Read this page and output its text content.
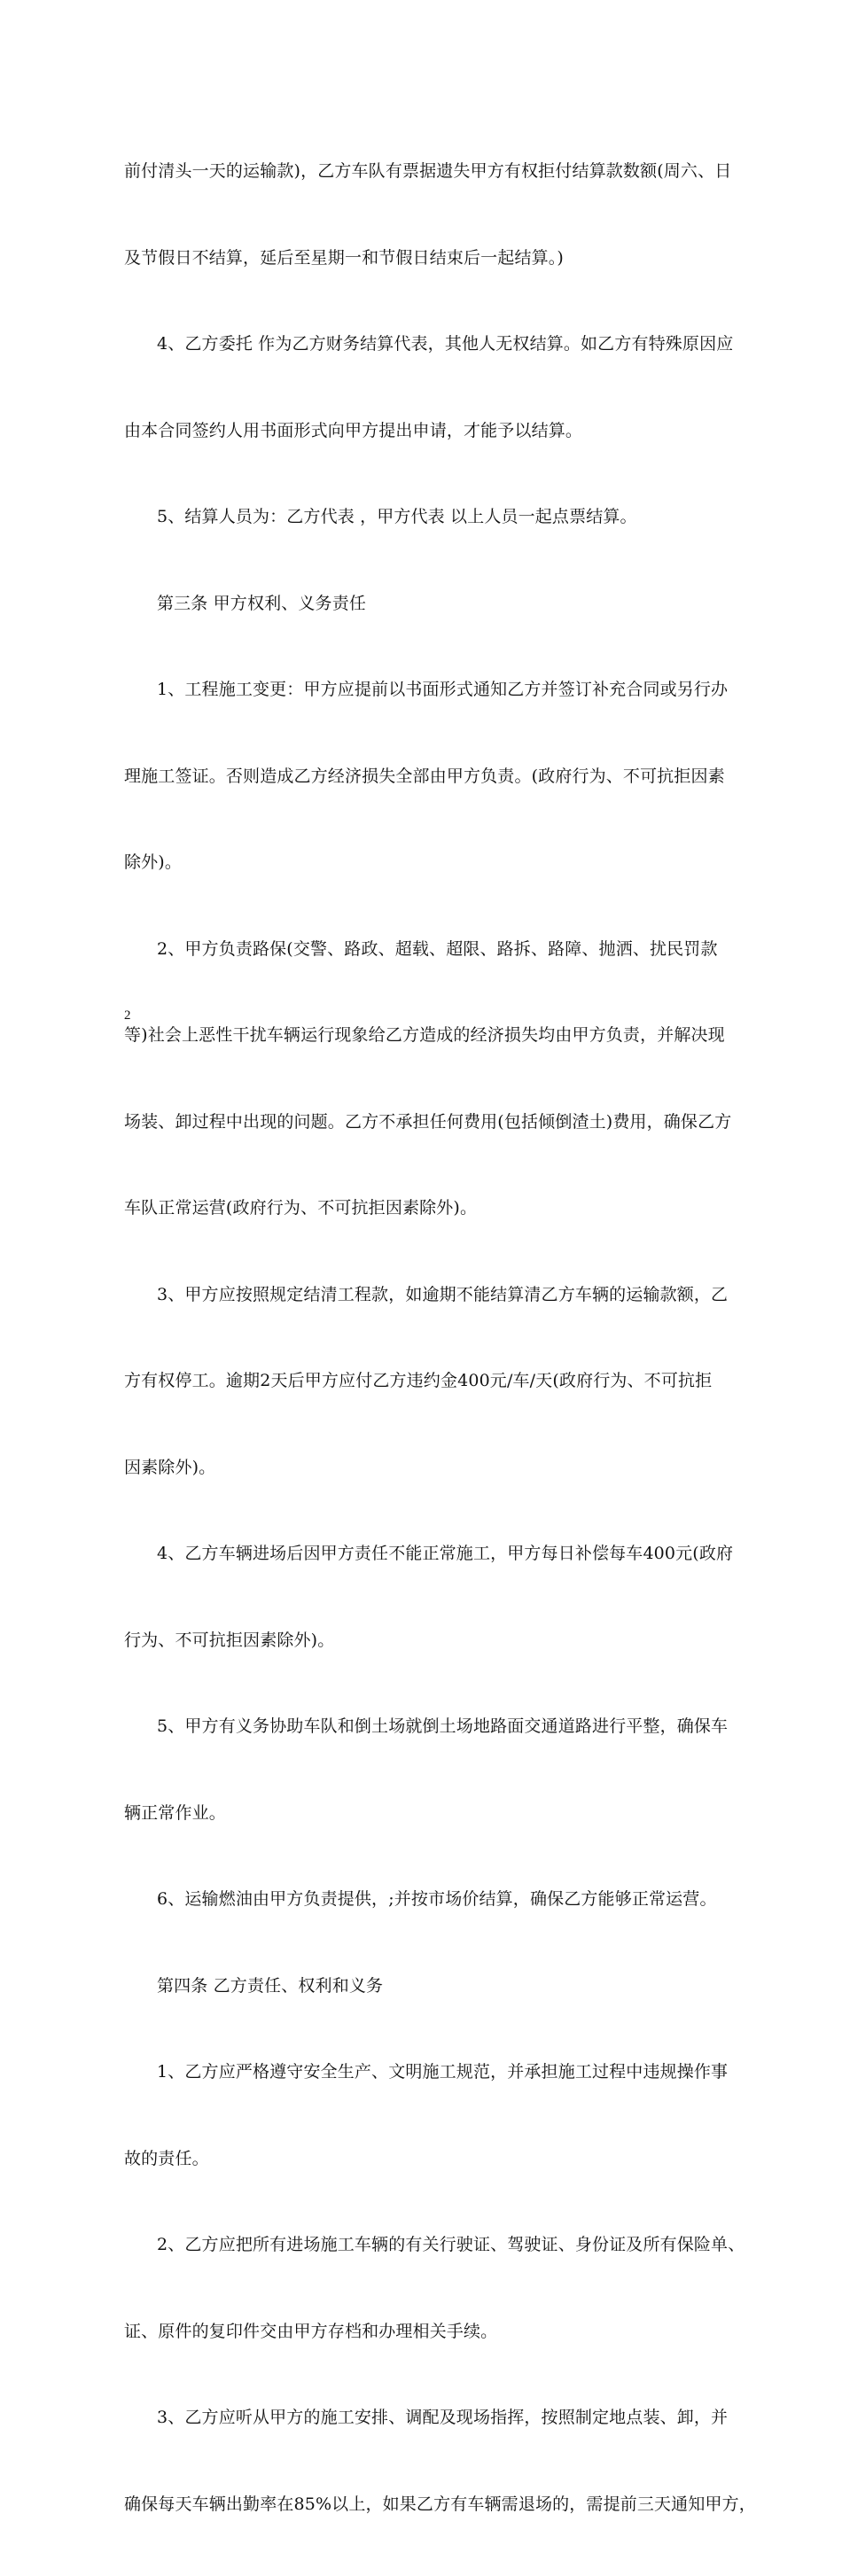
前付清头一天的运输款)，乙方车队有票据遗失甲方有权拒付结算款数额(周六、日

及节假日不结算，延后至星期一和节假日结束后一起结算。)

4、乙方委托 作为乙方财务结算代表，其他人无权结算。如乙方有特殊原因应

由本合同签约人用书面形式向甲方提出申请，才能予以结算。

5、结算人员为：乙方代表 ，甲方代表 以上人员一起点票结算。

第三条 甲方权利、义务责任

1、工程施工变更：甲方应提前以书面形式通知乙方并签订补充合同或另行办

理施工签证。否则造成乙方经济损失全部由甲方负责。(政府行为、不可抗拒因素

除外)。

2、甲方负责路保(交警、路政、超载、超限、路拆、路障、抛洒、扰民罚款

等)社会上恶性干扰车辆运行现象给乙方造成的经济损失均由甲方负责，并解决现

场装、卸过程中出现的问题。乙方不承担任何费用(包括倾倒渣土)费用，确保乙方

车队正常运营(政府行为、不可抗拒因素除外)。

3、甲方应按照规定结清工程款，如逾期不能结算清乙方车辆的运输款额，乙

方有权停工。逾期2天后甲方应付乙方违约金400元/车/天(政府行为、不可抗拒

因素除外)。

4、乙方车辆进场后因甲方责任不能正常施工，甲方每日补偿每车400元(政府

行为、不可抗拒因素除外)。

5、甲方有义务协助车队和倒土场就倒土场地路面交通道路进行平整，确保车

辆正常作业。

6、运输燃油由甲方负责提供，;并按市场价结算，确保乙方能够正常运营。

第四条 乙方责任、权利和义务

1、乙方应严格遵守安全生产、文明施工规范，并承担施工过程中违规操作事

故的责任。

2、乙方应把所有进场施工车辆的有关行驶证、驾驶证、身份证及所有保险单、

证、原件的复印件交由甲方存档和办理相关手续。

3、乙方应听从甲方的施工安排、调配及现场指挥，按照制定地点装、卸，并

确保每天车辆出勤率在85%以上，如果乙方有车辆需退场的，需提前三天通知甲方，

2
